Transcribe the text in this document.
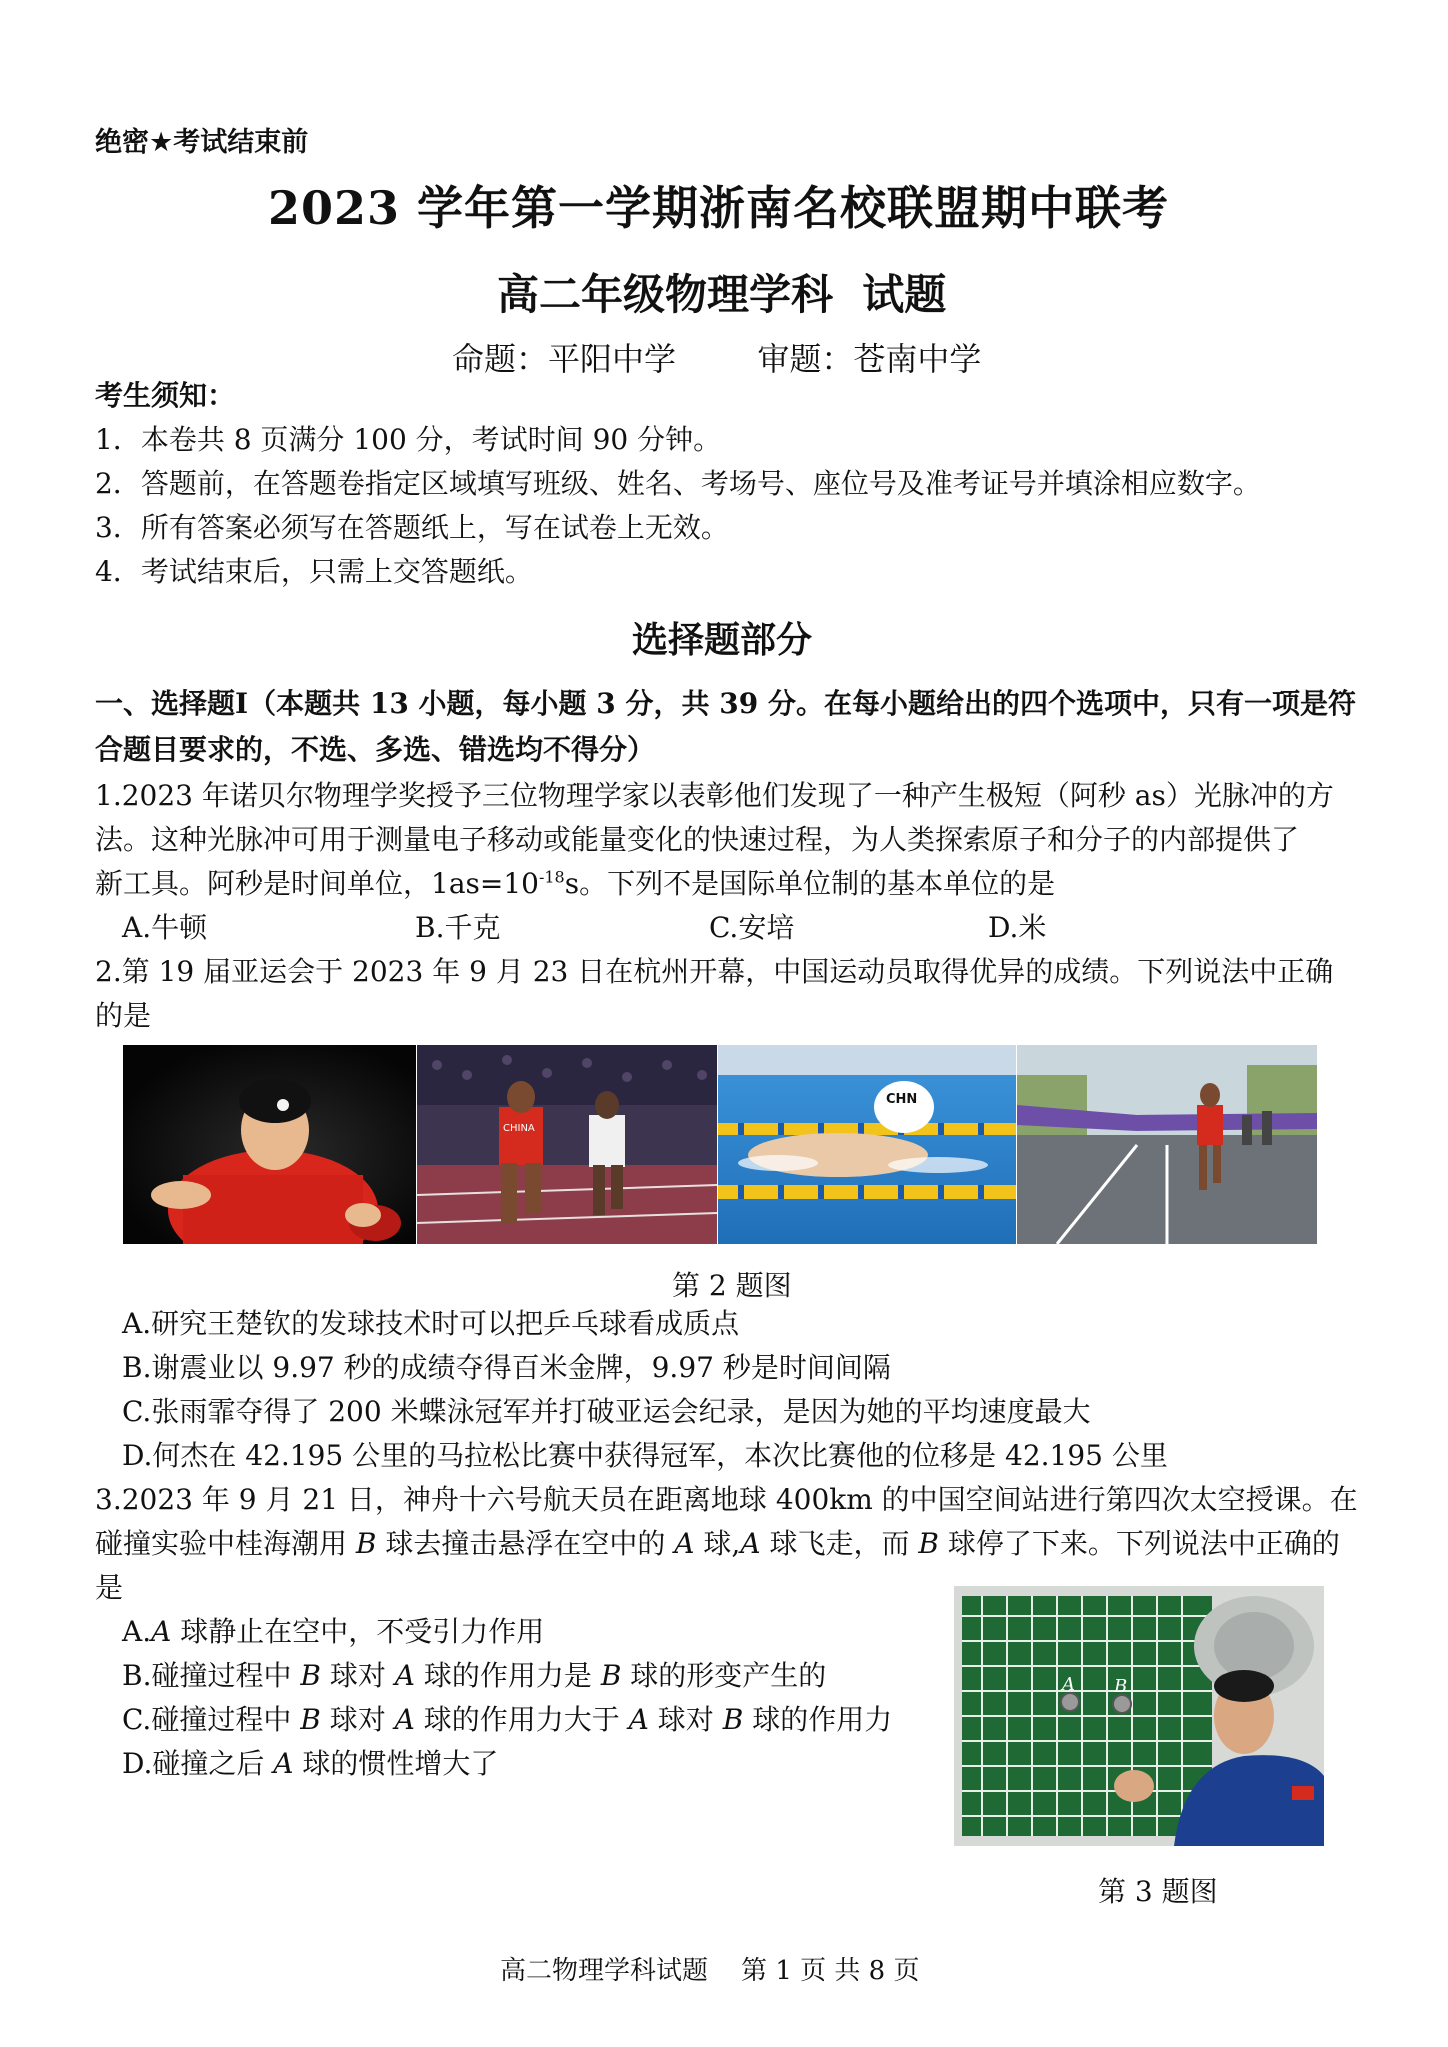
绝密★考试结束前
2023 学年第一学期浙南名校联盟期中联考
高二年级物理学科  试题
命题：平阳中学        审题：苍南中学
考生须知：
1．本卷共 8 页满分 100 分，考试时间 90 分钟。
2．答题前，在答题卷指定区域填写班级、姓名、考场号、座位号及准考证号并填涂相应数字。
3．所有答案必须写在答题纸上，写在试卷上无效。
4．考试结束后，只需上交答题纸。
选择题部分
一、选择题Ⅰ（本题共 13 小题，每小题 3 分，共 39 分。在每小题给出的四个选项中，只有一项是符
合题目要求的，不选、多选、错选均不得分）
1.2023 年诺贝尔物理学奖授予三位物理学家以表彰他们发现了一种产生极短（阿秒 as）光脉冲的方
法。这种光脉冲可用于测量电子移动或能量变化的快速过程，为人类探索原子和分子的内部提供了
新工具。阿秒是时间单位，$1as=10^{-18}s$。下列不是国际单位制的基本单位的是
A.牛顿	B.千克	C.安培	D.米
2.第 19 届亚运会于 2023 年 9 月 23 日在杭州开幕，中国运动员取得优异的成绩。下列说法中正确
的是
CHINA
CHN
第 2 题图
A.研究王楚钦的发球技术时可以把乒乓球看成质点
B.谢震业以 9.97 秒的成绩夺得百米金牌，9.97 秒是时间间隔
C.张雨霏夺得了 200 米蝶泳冠军并打破亚运会纪录，是因为她的平均速度最大
D.何杰在 42.195 公里的马拉松比赛中获得冠军，本次比赛他的位移是 42.195 公里
3.2023 年 9 月 21 日，神舟十六号航天员在距离地球 400km 的中国空间站进行第四次太空授课。在
碰撞实验中桂海潮用 B 球去撞击悬浮在空中的 A 球,A 球飞走，而 B 球停了下来。下列说法中正确的
是
A.A 球静止在空中，不受引力作用
B.碰撞过程中 B 球对 A 球的作用力是 B 球的形变产生的
C.碰撞过程中 B 球对 A 球的作用力大于 A 球对 B 球的作用力
D.碰撞之后 A 球的惯性增大了
A B
第 3 题图
高二物理学科试题    第 1 页 共 8 页
